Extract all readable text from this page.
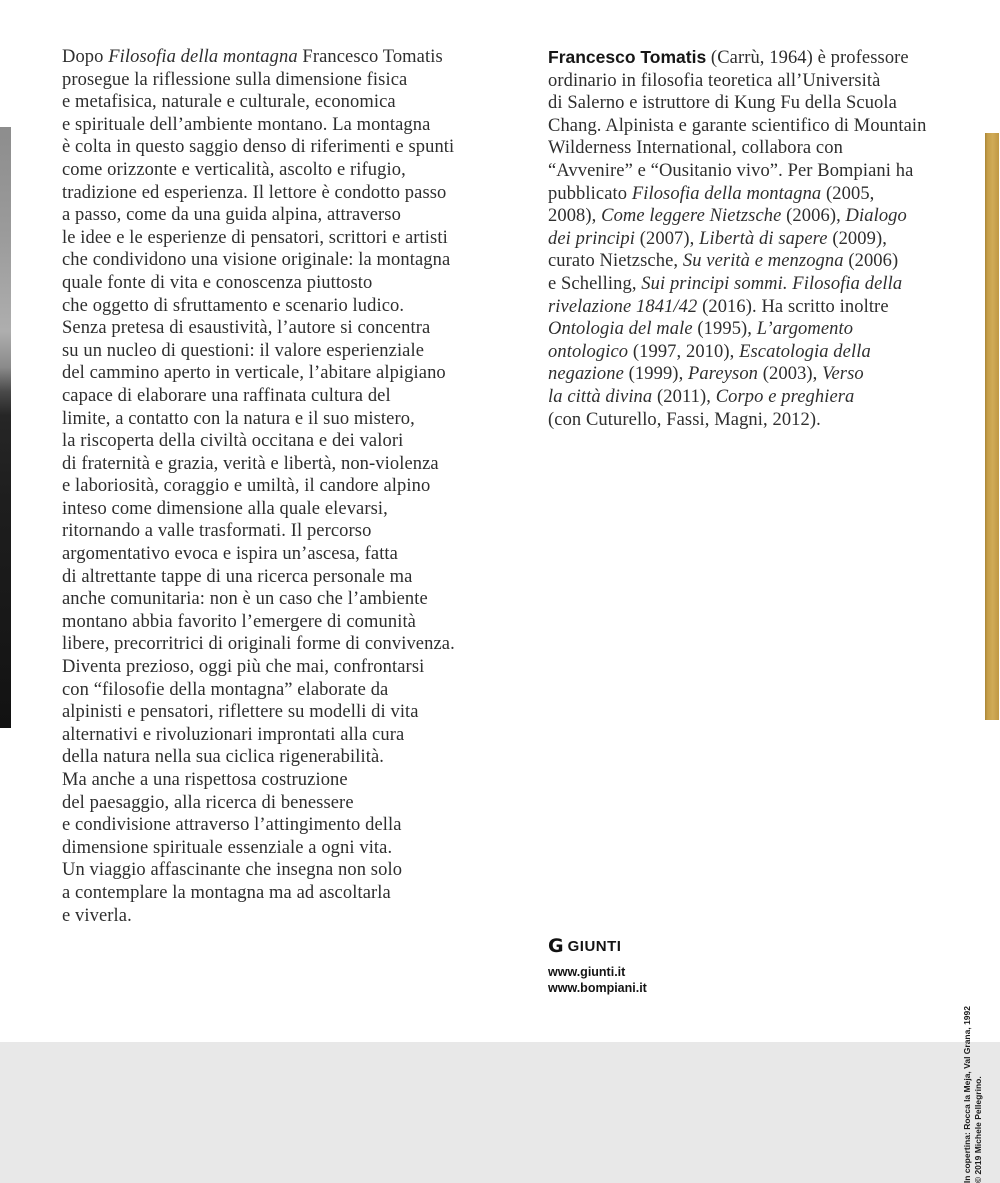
Dopo Filosofia della montagna Francesco Tomatis
prosegue la riflessione sulla dimensione fisica
e metafisica, naturale e culturale, economica
e spirituale dell’ambiente montano. La montagna
è colta in questo saggio denso di riferimenti e spunti
come orizzonte e verticalità, ascolto e rifugio,
tradizione ed esperienza. Il lettore è condotto passo
a passo, come da una guida alpina, attraverso
le idee e le esperienze di pensatori, scrittori e artisti
che condividono una visione originale: la montagna
quale fonte di vita e conoscenza piuttosto
che oggetto di sfruttamento e scenario ludico.
Senza pretesa di esaustività, l’autore si concentra
su un nucleo di questioni: il valore esperienziale
del cammino aperto in verticale, l’abitare alpigiano
capace di elaborare una raffinata cultura del
limite, a contatto con la natura e il suo mistero,
la riscoperta della civiltà occitana e dei valori
di fraternità e grazia, verità e libertà, non-violenza
e laboriosità, coraggio e umiltà, il candore alpino
inteso come dimensione alla quale elevarsi,
ritornando a valle trasformati. Il percorso
argomentativo evoca e ispira un’ascesa, fatta
di altrettante tappe di una ricerca personale ma
anche comunitaria: non è un caso che l’ambiente
montano abbia favorito l’emergere di comunità
libere, precorritrici di originali forme di convivenza.
Diventa prezioso, oggi più che mai, confrontarsi
con “filosofie della montagna” elaborate da
alpinisti e pensatori, riflettere su modelli di vita
alternativi e rivoluzionari improntati alla cura
della natura nella sua ciclica rigenerabilità.
Ma anche a una rispettosa costruzione
del paesaggio, alla ricerca di benessere
e condivisione attraverso l’attingimento della
dimensione spirituale essenziale a ogni vita.
Un viaggio affascinante che insegna non solo
a contemplare la montagna ma ad ascoltarla
e viverla.
Francesco Tomatis (Carrù, 1964) è professore
ordinario in filosofia teoretica all’Università
di Salerno e istruttore di Kung Fu della Scuola
Chang. Alpinista e garante scientifico di Mountain
Wilderness International, collabora con
“Avvenire” e “Ousitanio vivo”. Per Bompiani ha
pubblicato Filosofia della montagna (2005,
2008), Come leggere Nietzsche (2006), Dialogo
dei principi (2007), Libertà di sapere (2009),
curato Nietzsche, Su verità e menzogna (2006)
e Schelling, Sui principi sommi. Filosofia della
rivelazione 1841/42 (2016). Ha scritto inoltre
Ontologia del male (1995), L’argomento
ontologico (1997, 2010), Escatologia della
negazione (1999), Pareyson (2003), Verso
la città divina (2011), Corpo e preghiera
(con Cuturello, Fassi, Magni, 2012).
G GIUNTI
www.giunti.it
www.bompiani.it
In copertina: Rocca la Meja, Val Grana, 1992 © 2019 Michele Pellegrino.
